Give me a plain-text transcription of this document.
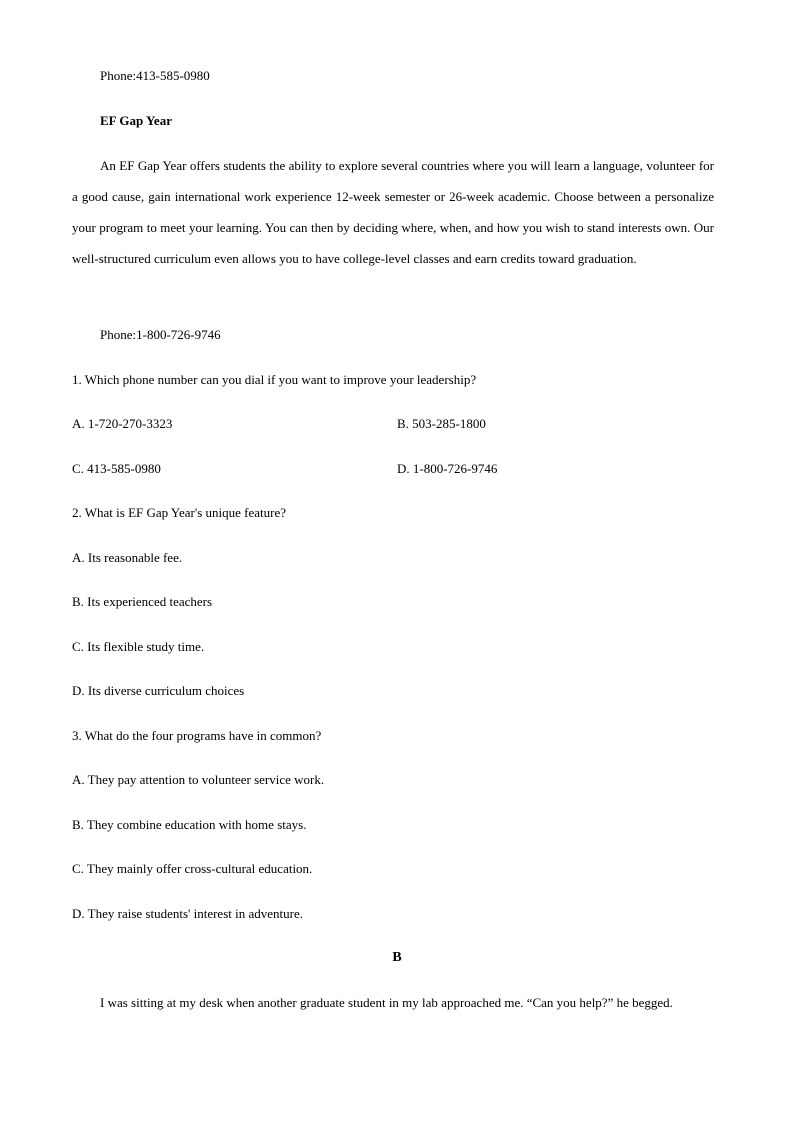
Phone:413-585-0980

EF Gap Year

An EF Gap Year offers students the ability to explore several countries where you will learn a language, volunteer for a good cause, gain international work experience 12-week semester or 26-week academic. Choose between a personalize your program to meet your learning. You can then by deciding where, when, and how you wish to stand interests own. Our well-structured curriculum even allows you to have college-level classes and earn credits toward graduation.

Phone:1-800-726-9746

1. Which phone number can you dial if you want to improve your leadership?

A. 1-720-270-3323	B. 503-285-1800

C. 413-585-0980	D. 1-800-726-9746

2. What is EF Gap Year's unique feature?

A. Its reasonable fee.

B. Its experienced teachers

C. Its flexible study time.

D. Its diverse curriculum choices

3. What do the four programs have in common?

A. They pay attention to volunteer service work.

B. They combine education with home stays.

C. They mainly offer cross-cultural education.

D. They raise students' interest in adventure.

B

I was sitting at my desk when another graduate student in my lab approached me. “Can you help?” he begged.
